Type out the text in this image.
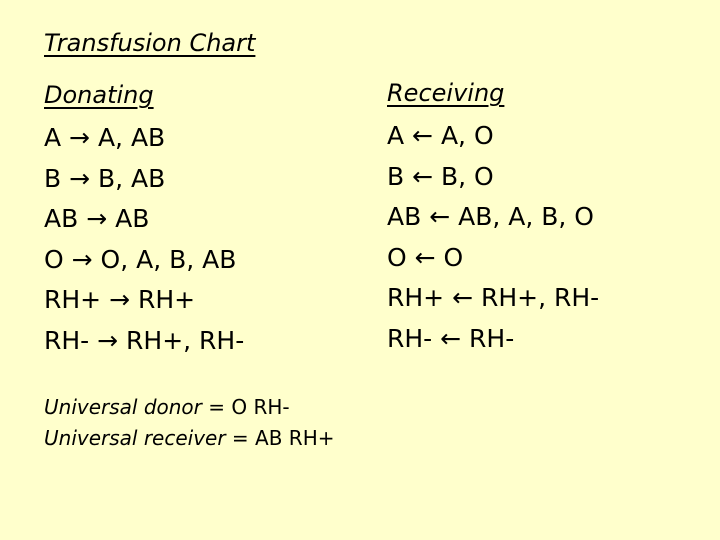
Transfusion Chart
Donating
A → A, AB
B → B, AB
AB → AB
O → O, A, B, AB
RH+ → RH+
RH- → RH+, RH-
Receiving
A ← A, O
B ← B, O
AB ← AB, A, B, O
O ← O
RH+ ← RH+, RH-
RH- ← RH-
Universal donor = O RH-
Universal receiver = AB RH+
